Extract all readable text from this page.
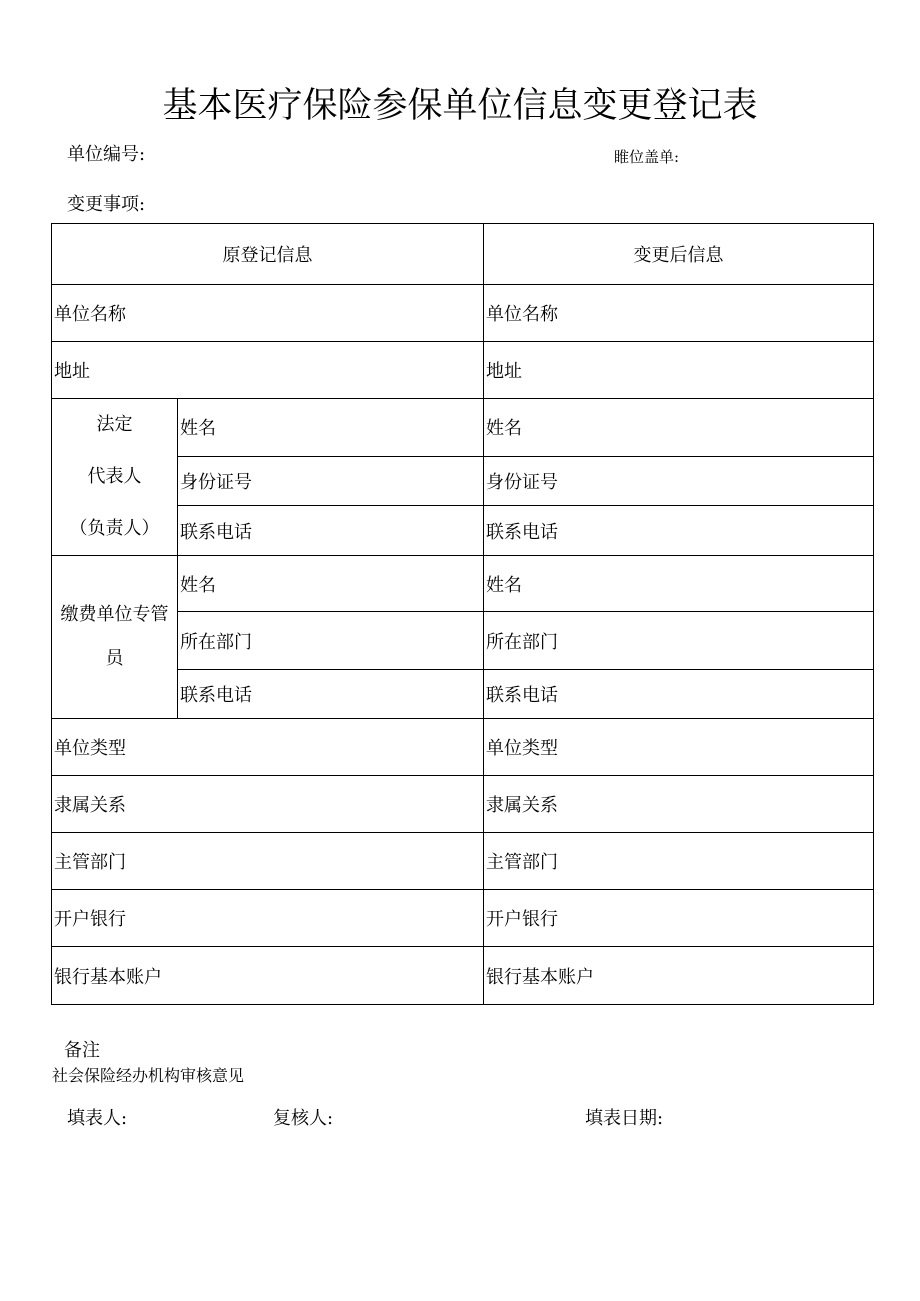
基本医疗保险参保单位信息变更登记表
单位编号:	睢位盖单:
变更事项:
原登记信息		变更后信息
单位名称		单位名称
地址		地址

法定
代表人
（负责人）	姓名	姓名
	身份证号	身份证号
	联系电话	联系电话

缴费单位专管
员	姓名	姓名
	所在部门	所在部门
	联系电话	联系电话
单位类型		单位类型
隶属关系		隶属关系
主管部门		主管部门
开户银行		开户银行
银行基本账户		银行基本账户
备注
社会保险经办机构审核意见
填表人:	复核人:	填表日期:
